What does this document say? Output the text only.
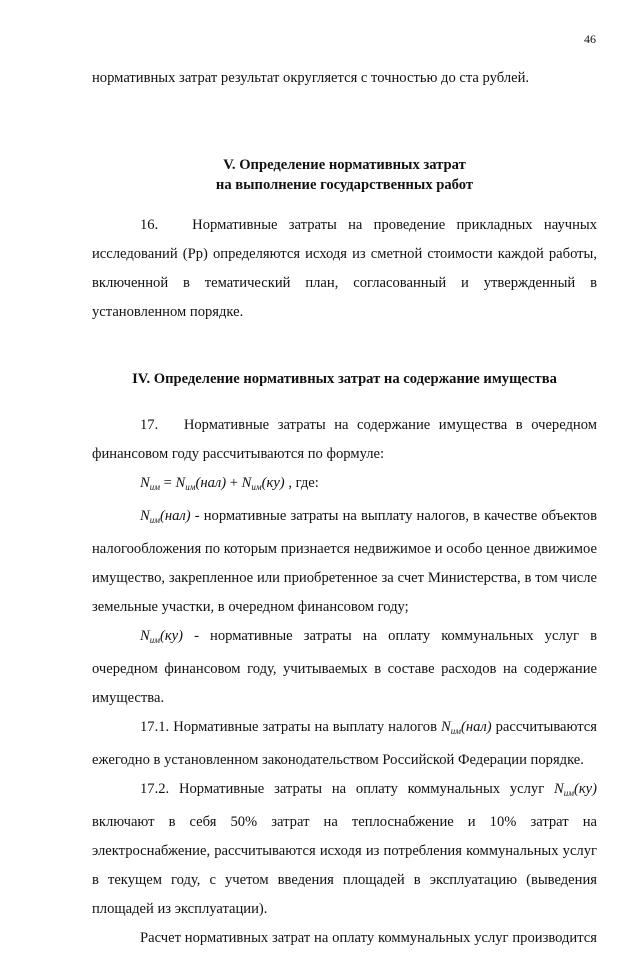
46

нормативных затрат результат округляется с точностью до ста рублей.

V. Определение нормативных затрат
на выполнение государственных работ

16.   Нормативные затраты на проведение прикладных научных исследований (Рр) определяются исходя из сметной стоимости каждой работы, включенной в тематический план, согласованный и утвержденный в установленном порядке.

IV. Определение нормативных затрат на содержание имущества

17.   Нормативные затраты на содержание имущества в очередном финансовом году рассчитываются по формуле:

$N_{им} = N_{им}(нал) + N_{им}(ку)$ , где:

$N_{им}(нал)$ - нормативные затраты на выплату налогов, в качестве объектов налогообложения по которым признается недвижимое и особо ценное движимое имущество, закрепленное или приобретенное за счет Министерства, в том числе земельные участки, в очередном финансовом году;

$N_{им}(ку)$ - нормативные затраты на оплату коммунальных услуг в очередном финансовом году, учитываемых в составе расходов на содержание имущества.

17.1. Нормативные затраты на выплату налогов $N_{им}(нал)$ рассчитываются ежегодно в установленном законодательством Российской Федерации порядке.

17.2. Нормативные затраты на оплату коммунальных услуг $N_{им}(ку)$ включают в себя 50% затрат на теплоснабжение и 10% затрат на электроснабжение, рассчитываются исходя из потребления коммунальных услуг в текущем году, с учетом введения площадей в эксплуатацию (выведения площадей из эксплуатации).

Расчет нормативных затрат на оплату коммунальных услуг производится
